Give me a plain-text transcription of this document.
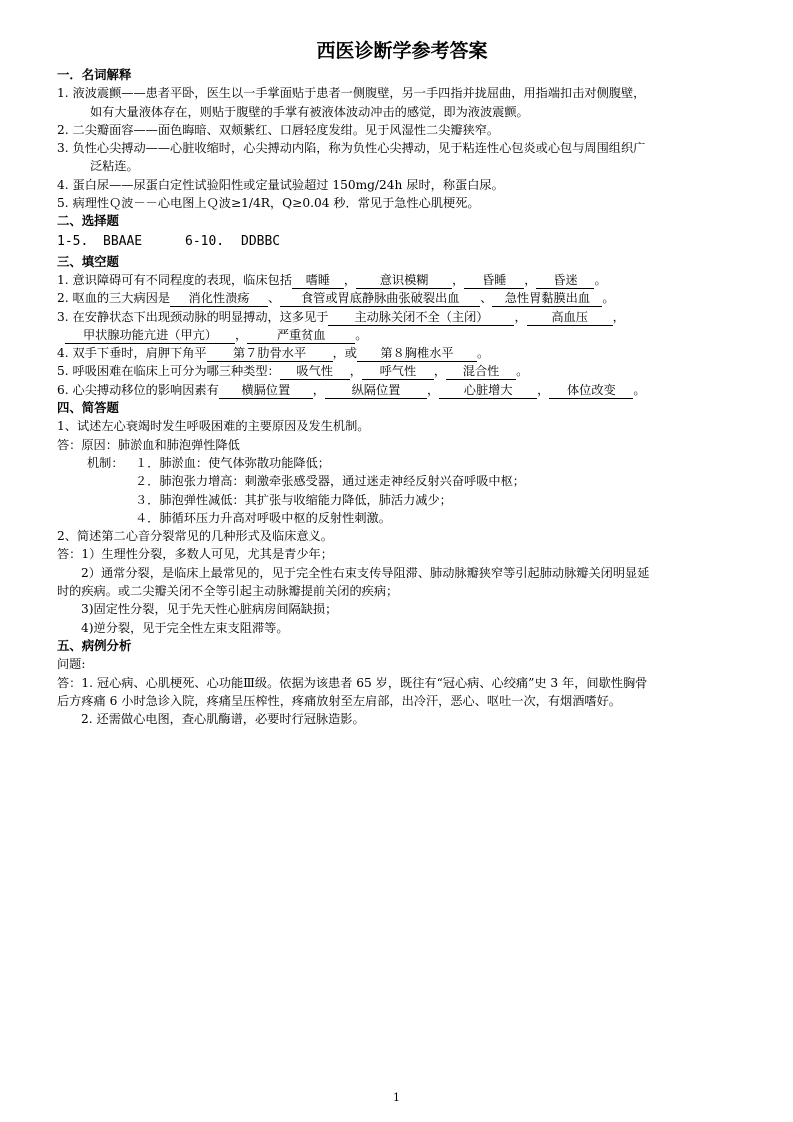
西医诊断学参考答案
一．名词解释
1. 液波震颤——患者平卧，医生以一手掌面贴于患者一侧腹壁，另一手四指并拢屈曲，用指端扣击对侧腹壁，
如有大量液体存在，则贴于腹壁的手掌有被液体波动冲击的感觉，即为液波震颤。
2. 二尖瓣面容——面色晦暗、双颊紫红、口唇轻度发绀。见于风湿性二尖瓣狭窄。
3. 负性心尖搏动——心脏收缩时，心尖搏动内陷，称为负性心尖搏动，见于粘连性心包炎或心包与周围组织广
泛粘连。
4. 蛋白尿——尿蛋白定性试验阳性或定量试验超过 150mg/24h 尿时，称蛋白尿。
5. 病理性Ｑ波－－心电图上Ｑ波≥1/4R，Q≥0.04 秒．常见于急性心肌梗死。
二、选择题
1-5. BBAAE	6-10. DDBBC
三、填空题
1. 意识障碍可有不同程度的表现，临床包括 嗜睡 ， 意识模糊 ， 昏睡 ， 昏迷 。
2. 呕血的三大病因是 消化性溃疡 、 食管或胃底静脉曲张破裂出血 、 急性胃黏膜出血 。
3. 在安静状态下出现颈动脉的明显搏动，这多见于 主动脉关闭不全（主闭） ， 高血压 ，
甲状腺功能亢进（甲亢） ， 严重贫血 。
4. 双手下垂时，肩胛下角平 第７肋骨水平 ，或 第８胸椎水平 。
5. 呼吸困难在临床上可分为哪三种类型： 吸气性 ， 呼气性 ， 混合性 。
6. 心尖搏动移位的影响因素有 横膈位置 ， 纵隔位置 ， 心脏增大 ， 体位改变 。
四、简答题
1、试述左心衰竭时发生呼吸困难的主要原因及发生机制。
答：原因：肺淤血和肺泡弹性降低
机制： １．肺淤血：使气体弥散功能降低；
２．肺泡张力增高：刺激牵张感受器，通过迷走神经反射兴奋呼吸中枢；
３．肺泡弹性减低：其扩张与收缩能力降低，肺活力减少；
４．肺循环压力升高对呼吸中枢的反射性刺激。
2、简述第二心音分裂常见的几种形式及临床意义。
答：1）生理性分裂，多数人可见，尤其是青少年；
2）通常分裂，是临床上最常见的，见于完全性右束支传导阻滞、肺动脉瓣狭窄等引起肺动脉瓣关闭明显延
时的疾病。或二尖瓣关闭不全等引起主动脉瓣提前关闭的疾病；
3)固定性分裂，见于先天性心脏病房间隔缺损；
4)逆分裂，见于完全性左束支阻滞等。
五、病例分析
问题:
答：1. 冠心病、心肌梗死、心功能Ⅲ级。依据为该患者 65 岁，既往有“冠心病、心绞痛”史 3 年，间歇性胸骨
后方疼痛 6 小时急诊入院，疼痛呈压榨性，疼痛放射至左肩部，出冷汗，恶心、呕吐一次，有烟酒嗜好。
2. 还需做心电图，查心肌酶谱，必要时行冠脉造影。
1
